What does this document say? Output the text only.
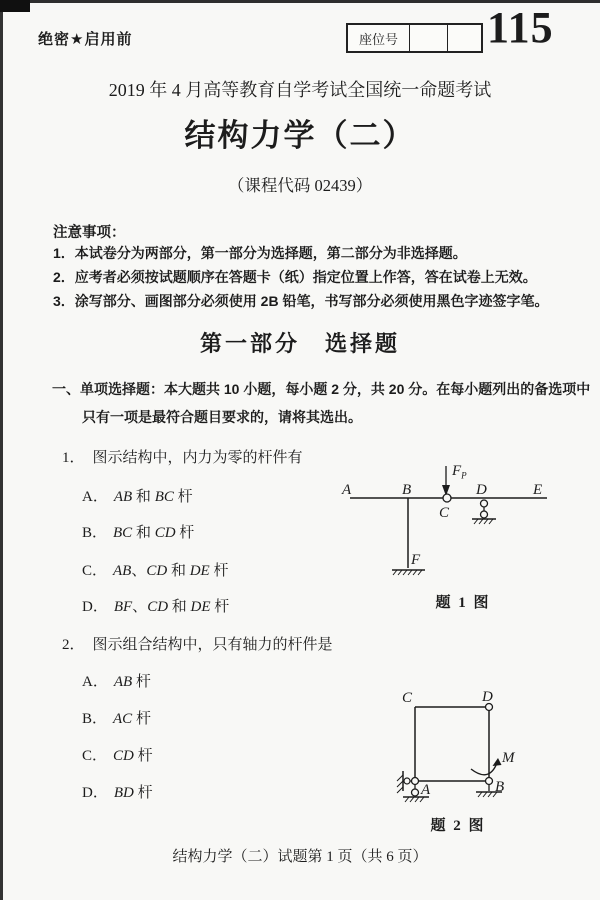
绝密★启用前	座位号 115
2019 年 4 月高等教育自学考试全国统一命题考试
结构力学（二）
（课程代码 02439）
注意事项：
1．本试卷分为两部分，第一部分为选择题，第二部分为非选择题。
2．应考者必须按试题顺序在答题卡（纸）指定位置上作答，答在试卷上无效。
3．涂写部分、画图部分必须使用 2B 铅笔，书写部分必须使用黑色字迹签字笔。
第一部分　选择题
一、单项选择题：本大题共 10 小题，每小题 2 分，共 20 分。在每小题列出的备选项中
只有一项是最符合题目要求的，请将其选出。
1． 图示结构中，内力为零的杆件有
A． AB 和 BC 杆
B． BC 和 CD 杆
C． AB、CD 和 DE 杆
D． BF、CD 和 DE 杆
$F_P$
A	B
C
D	E
F
题 1 图
2． 图示组合结构中，只有轴力的杆件是
A． AB 杆
B． AC 杆
C． CD 杆
D． BD 杆
M
C	D
A	B
题 2 图
结构力学（二）试题第 1 页（共 6 页）
